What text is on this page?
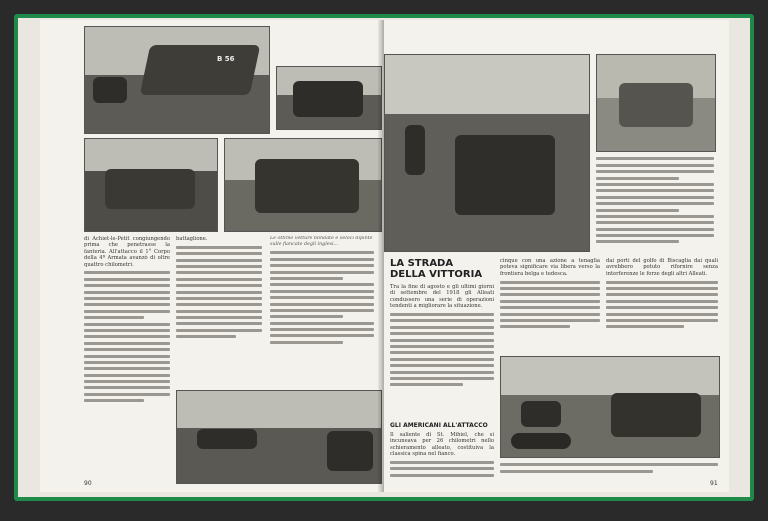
B 56
di Achiet-le-Petit congiungendo prima che penetrasse la fanteria. All'attacco il 1° Corpo della 4ª Armata avanzò di oltre quattro chilometri.
battaglione.	Le ottime vetture blindate e veloci dipinte sulle fiancate degli inglesi...
90
LA STRADA
DELLA VITTORIA
Tra la fine di agosto e gli ultimi giorni di settembre del 1918 gli Alleati condussero una serie di operazioni tendenti a migliorare la situazione.
GLI AMERICANI ALL'ATTACCO
Il saliente di St. Mihiel, che si incuneava per 26 chilometri nello schieramento alleato, costituiva la classica spina nel fianco.
cinque con una azione a tenaglia poteva significare via libera verso la frontiera belga e tedesca.
dai porti del golfo di Biscaglia dai quali avrebbero potuto rifornire senza interferenze le forze degli altri Alleati.
91
